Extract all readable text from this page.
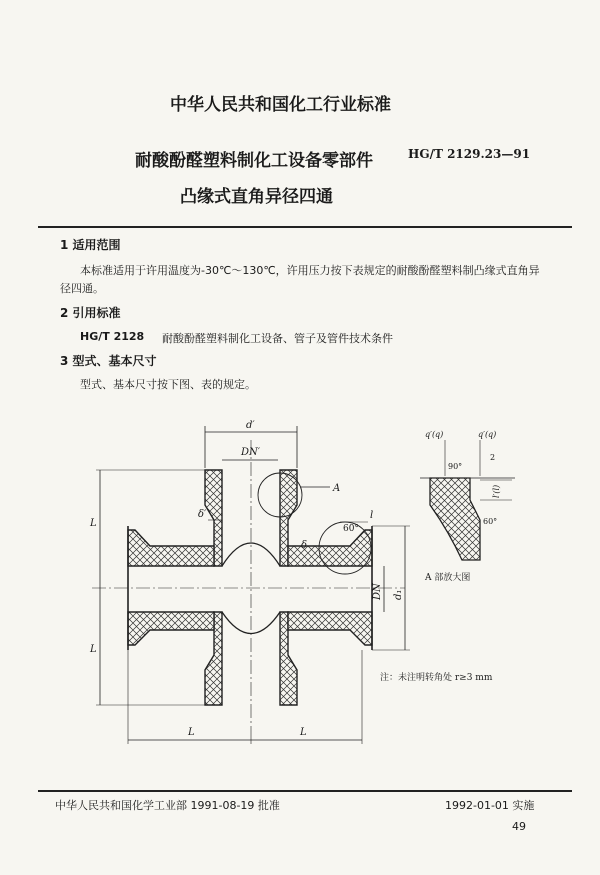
中华人民共和国化工行业标准
耐酸酚醛塑料制化工设备零部件	HG/T 2129.23—91
凸缘式直角异径四通
1 适用范围
本标准适用于许用温度为-30℃～130℃，许用压力按下表规定的耐酸酚醛塑料制凸缘式直角异
径四通。
2 引用标准
HG/T 2128 耐酸酚醛塑料制化工设备、管子及管件技术条件
3 型式、基本尺寸
型式、基本尺寸按下图、表的规定。
d′
DN′
L
L
L	L
DN d₁
A
δ′
δ
l
60°
q′(q)	q′(q)
90°
2
l′(l)
60°
A 部放大图
注：未注明转角处 r≥3 mm
中华人民共和国化学工业部 1991-08-19 批准	1992-01-01 实施
49
